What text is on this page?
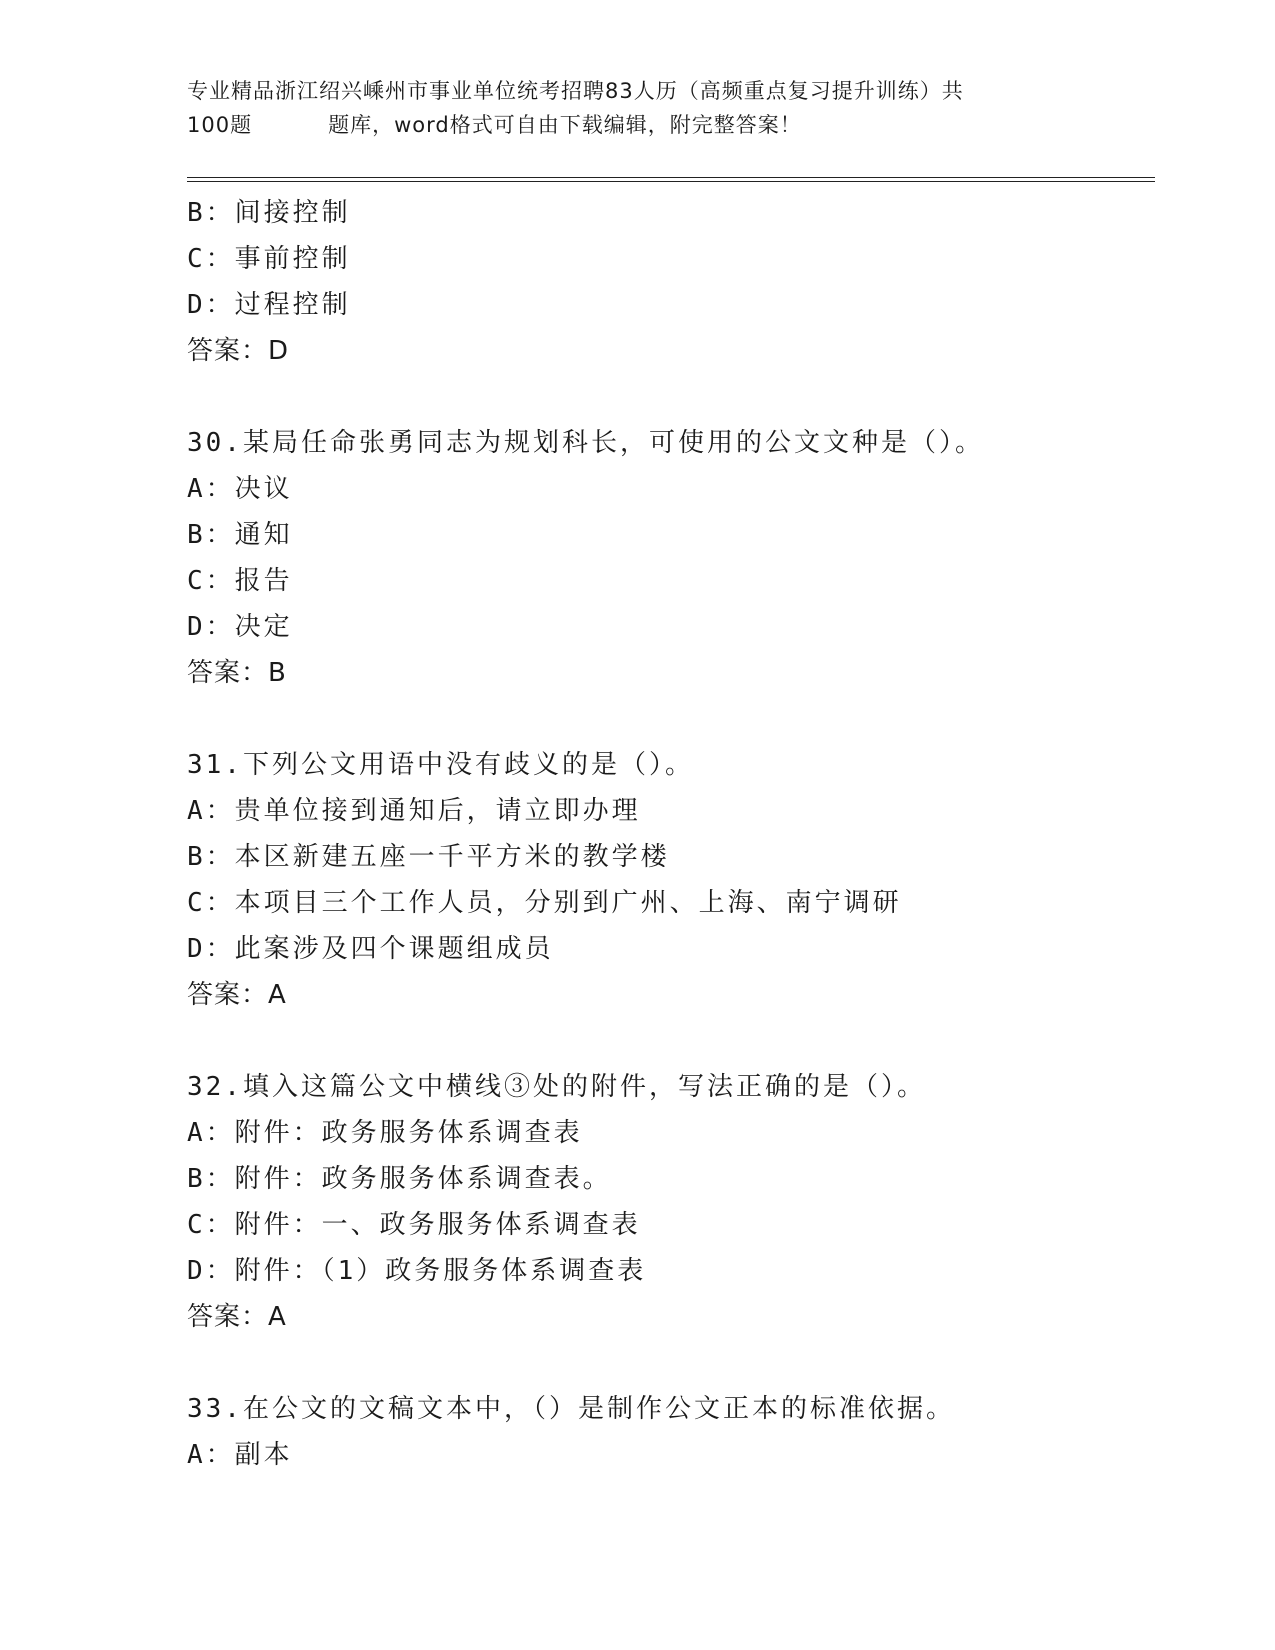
专业精品浙江绍兴嵊州市事业单位统考招聘83人历（高频重点复习提升训练）共
100题	题库，word格式可自由下载编辑，附完整答案！
B：间接控制
C：事前控制
D：过程控制
答案：D
30.某局任命张勇同志为规划科长，可使用的公文文种是（）。
A：决议
B：通知
C：报告
D：决定
答案：B
31.下列公文用语中没有歧义的是（）。
A：贵单位接到通知后，请立即办理
B：本区新建五座一千平方米的教学楼
C：本项目三个工作人员，分别到广州、上海、南宁调研
D：此案涉及四个课题组成员
答案：A
32.填入这篇公文中横线③处的附件，写法正确的是（）。
A：附件：政务服务体系调查表
B：附件：政务服务体系调查表。
C：附件：一、政务服务体系调查表
D：附件：（1）政务服务体系调查表
答案：A
33.在公文的文稿文本中，（）是制作公文正本的标准依据。
A：副本
